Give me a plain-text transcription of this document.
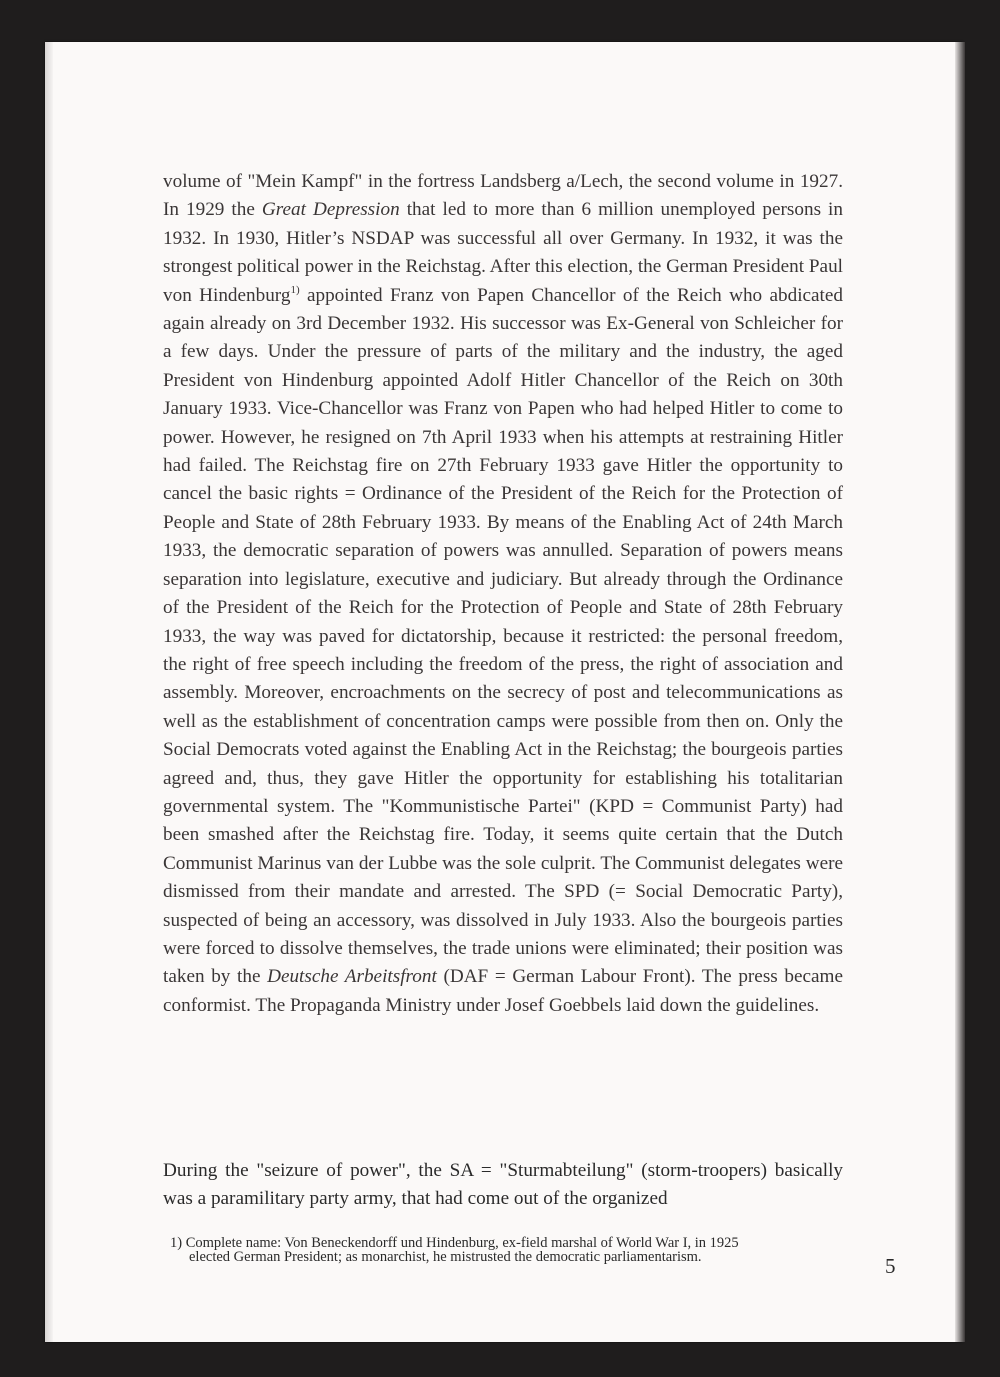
volume of "Mein Kampf" in the fortress Landsberg a/Lech, the second volume in 1927. In 1929 the Great Depression that led to more than 6 million unemployed persons in 1932. In 1930, Hitler’s NSDAP was successful all over Germany. In 1932, it was the strongest political power in the Reichstag. After this election, the German President Paul von Hindenburg$^{1)}$ appointed Franz von Papen Chancellor of the Reich who abdicated again already on 3rd December 1932. His successor was Ex-General von Schleicher for a few days. Under the pressure of parts of the military and the industry, the aged President von Hindenburg appointed Adolf Hitler Chancellor of the Reich on 30th January 1933. Vice-Chancellor was Franz von Papen who had helped Hitler to come to power. However, he resigned on 7th April 1933 when his attempts at restraining Hitler had failed. The Reichstag fire on 27th February 1933 gave Hitler the opportunity to cancel the basic rights = Ordinance of the President of the Reich for the Protection of People and State of 28th February 1933. By means of the Enabling Act of 24th March 1933, the democratic separation of powers was annulled. Separation of powers means separation into legislature, executive and judiciary. But already through the Ordinance of the President of the Reich for the Protection of People and State of 28th February 1933, the way was paved for dictatorship, because it restricted: the personal freedom, the right of free speech including the freedom of the press, the right of association and assembly. Moreover, encroachments on the secrecy of post and telecommunications as well as the establishment of concentration camps were possible from then on. Only the Social Democrats voted against the Enabling Act in the Reichstag; the bourgeois parties agreed and, thus, they gave Hitler the opportunity for establishing his totalitarian governmental system. The "Kommunistische Partei" (KPD = Communist Party) had been smashed after the Reichstag fire. Today, it seems quite certain that the Dutch Communist Marinus van der Lubbe was the sole culprit. The Communist delegates were dismissed from their mandate and arrested. The SPD (= Social Democratic Party), suspected of being an accessory, was dissolved in July 1933. Also the bourgeois parties were forced to dissolve themselves, the trade unions were eliminated; their position was taken by the Deutsche Arbeitsfront (DAF = German Labour Front). The press became conformist. The Propaganda Ministry under Josef Goebbels laid down the guidelines.

During the "seizure of power", the SA = "Sturmabteilung" (storm-troopers) basically was a paramilitary party army, that had come out of the organized

1) Complete name: Von Beneckendorff und Hindenburg, ex-field marshal of World War I, in 1925
elected German President; as monarchist, he mistrusted the democratic parliamentarism.	5
